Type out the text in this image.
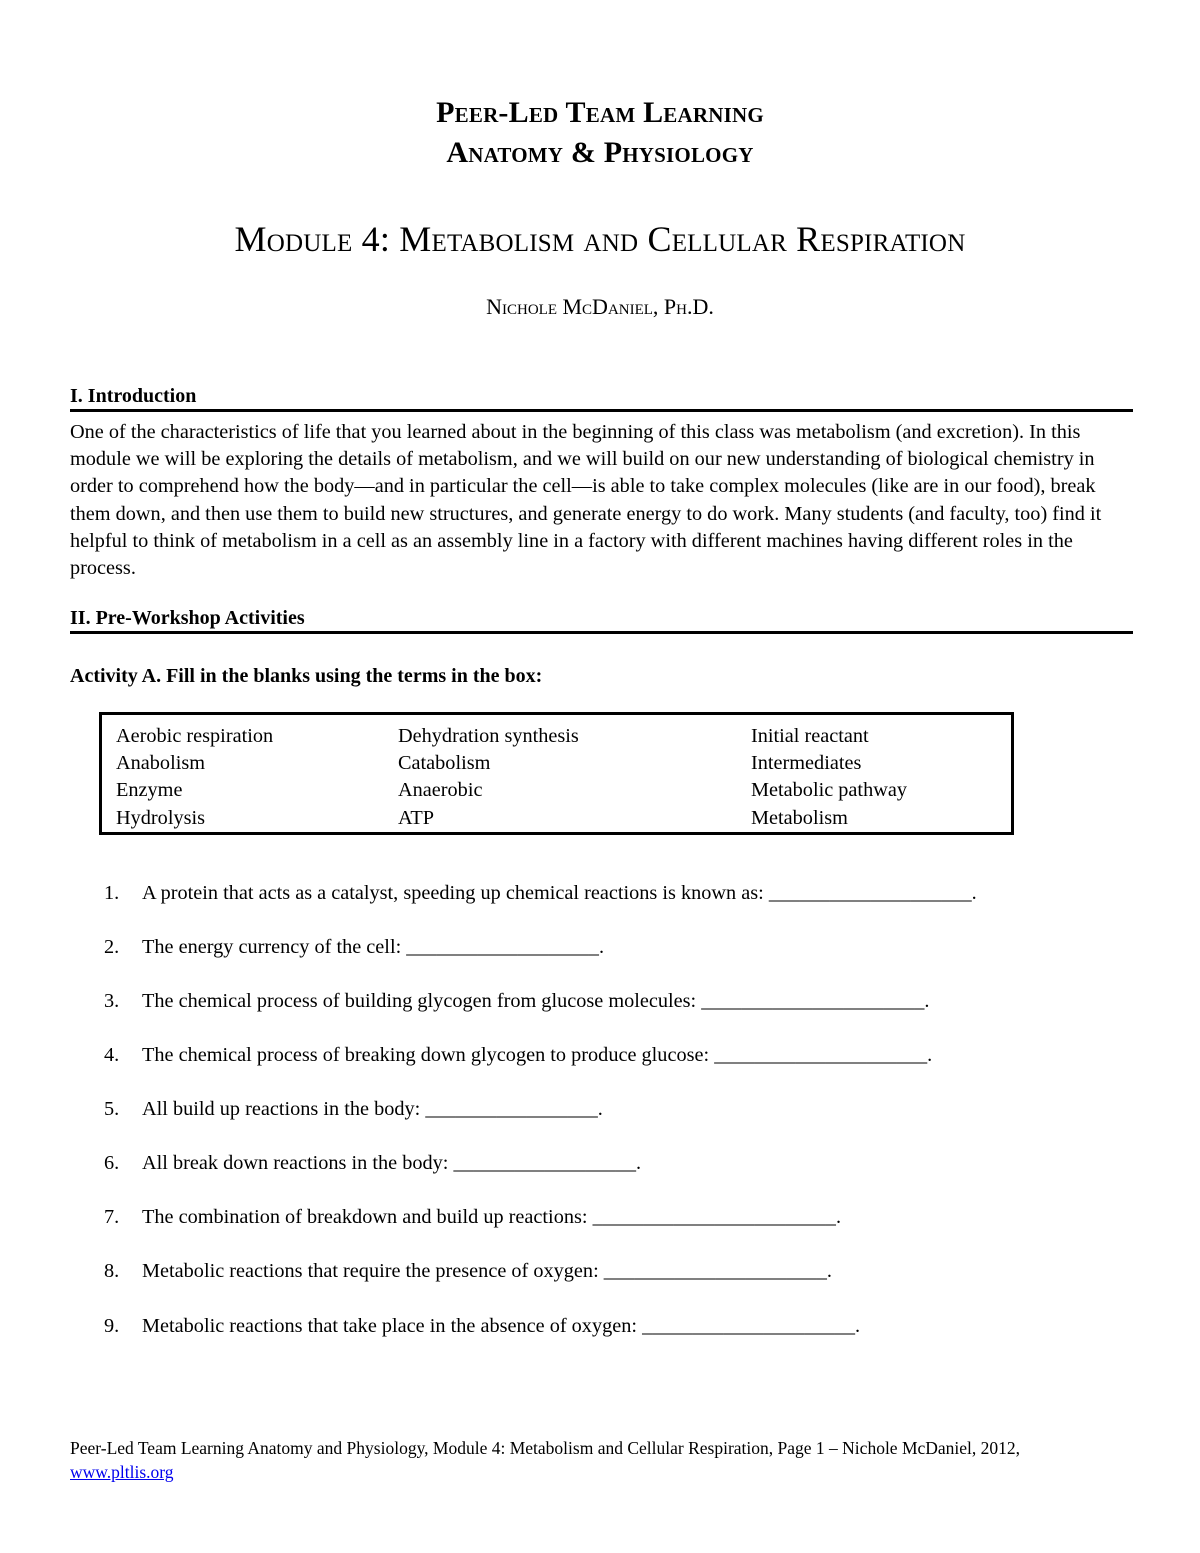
Peer-Led Team Learning
Anatomy & Physiology
Module 4: Metabolism and Cellular Respiration
Nichole McDaniel, Ph.D.
I. Introduction
One of the characteristics of life that you learned about in the beginning of this class was metabolism (and excretion). In this module we will be exploring the details of metabolism, and we will build on our new understanding of biological chemistry in order to comprehend how the body—and in particular the cell—is able to take complex molecules (like are in our food), break them down, and then use them to build new structures, and generate energy to do work. Many students (and faculty, too) find it helpful to think of metabolism in a cell as an assembly line in a factory with different machines having different roles in the process.
II. Pre-Workshop Activities
Activity A. Fill in the blanks using the terms in the box:
Aerobic respiration
Anabolism
Enzyme
Hydrolysis
Dehydration synthesis
Catabolism
Anaerobic
ATP
Initial reactant
Intermediates
Metabolic pathway
Metabolism
1. A protein that acts as a catalyst, speeding up chemical reactions is known as: ____________________.
2. The energy currency of the cell: ___________________.
3. The chemical process of building glycogen from glucose molecules: ______________________.
4. The chemical process of breaking down glycogen to produce glucose: _____________________.
5. All build up reactions in the body: _________________.
6. All break down reactions in the body: __________________.
7. The combination of breakdown and build up reactions: ________________________.
8. Metabolic reactions that require the presence of oxygen: ______________________.
9. Metabolic reactions that take place in the absence of oxygen: _____________________.
Peer-Led Team Learning Anatomy and Physiology, Module 4: Metabolism and Cellular Respiration, Page 1 – Nichole McDaniel, 2012,
www.pltlis.org
